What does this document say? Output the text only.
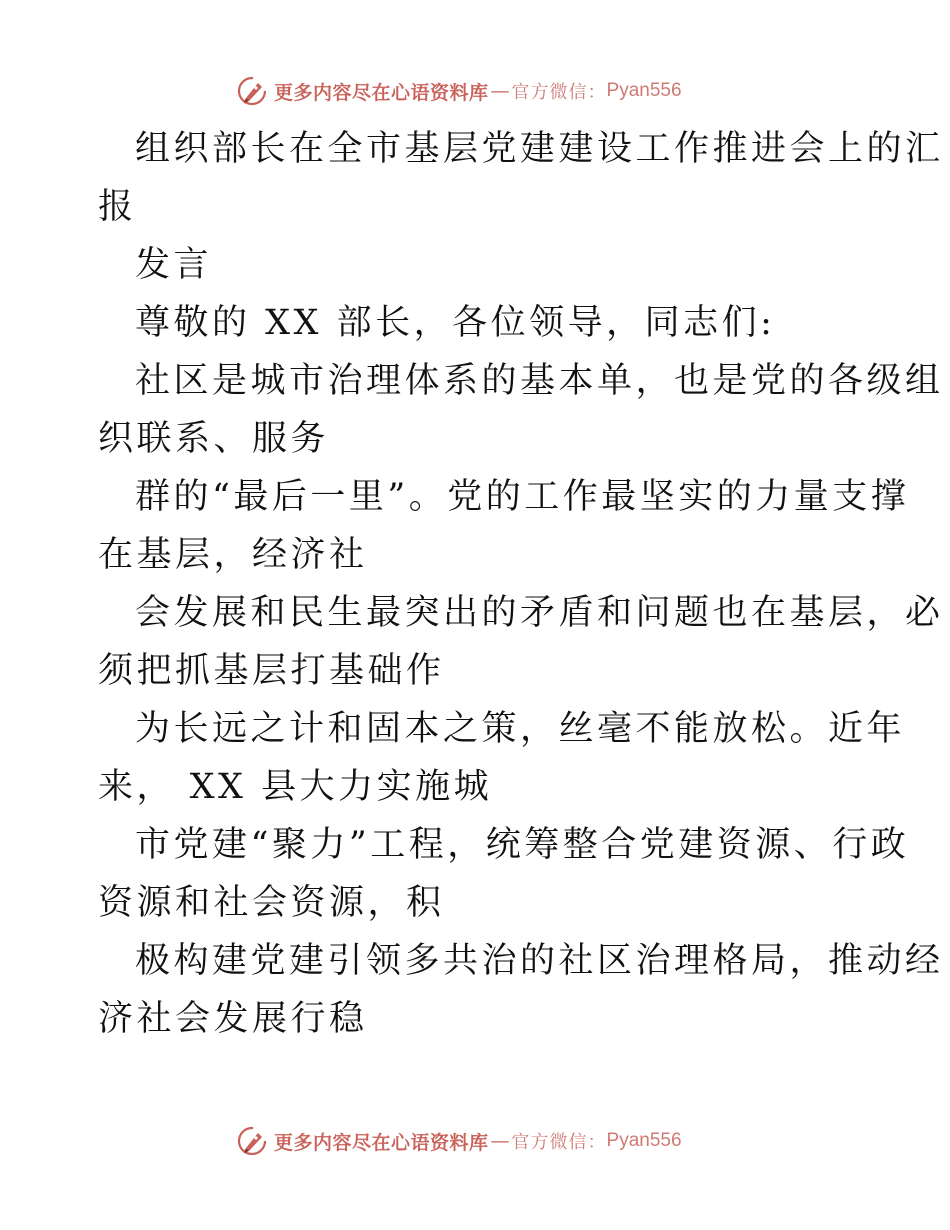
更多内容尽在心语资料库 — 官方微信： Pyan556
组织部长在全市基层党建建设工作推进会上的汇
报
发言
尊敬的 XX 部长，各位领导，同志们:
社区是城市治理体系的基本单，也是党的各级组
织联系、服务
群的“最后一里”。党的工作最坚实的力量支撑
在基层，经济社
会发展和民生最突出的矛盾和问题也在基层，必
须把抓基层打基础作
为长远之计和固本之策，丝毫不能放松。近年
来， XX 县大力实施城
市党建“聚力”工程，统筹整合党建资源、行政
资源和社会资源，积
极构建党建引领多共治的社区治理格局，推动经
济社会发展行稳
更多内容尽在心语资料库 — 官方微信： Pyan556
